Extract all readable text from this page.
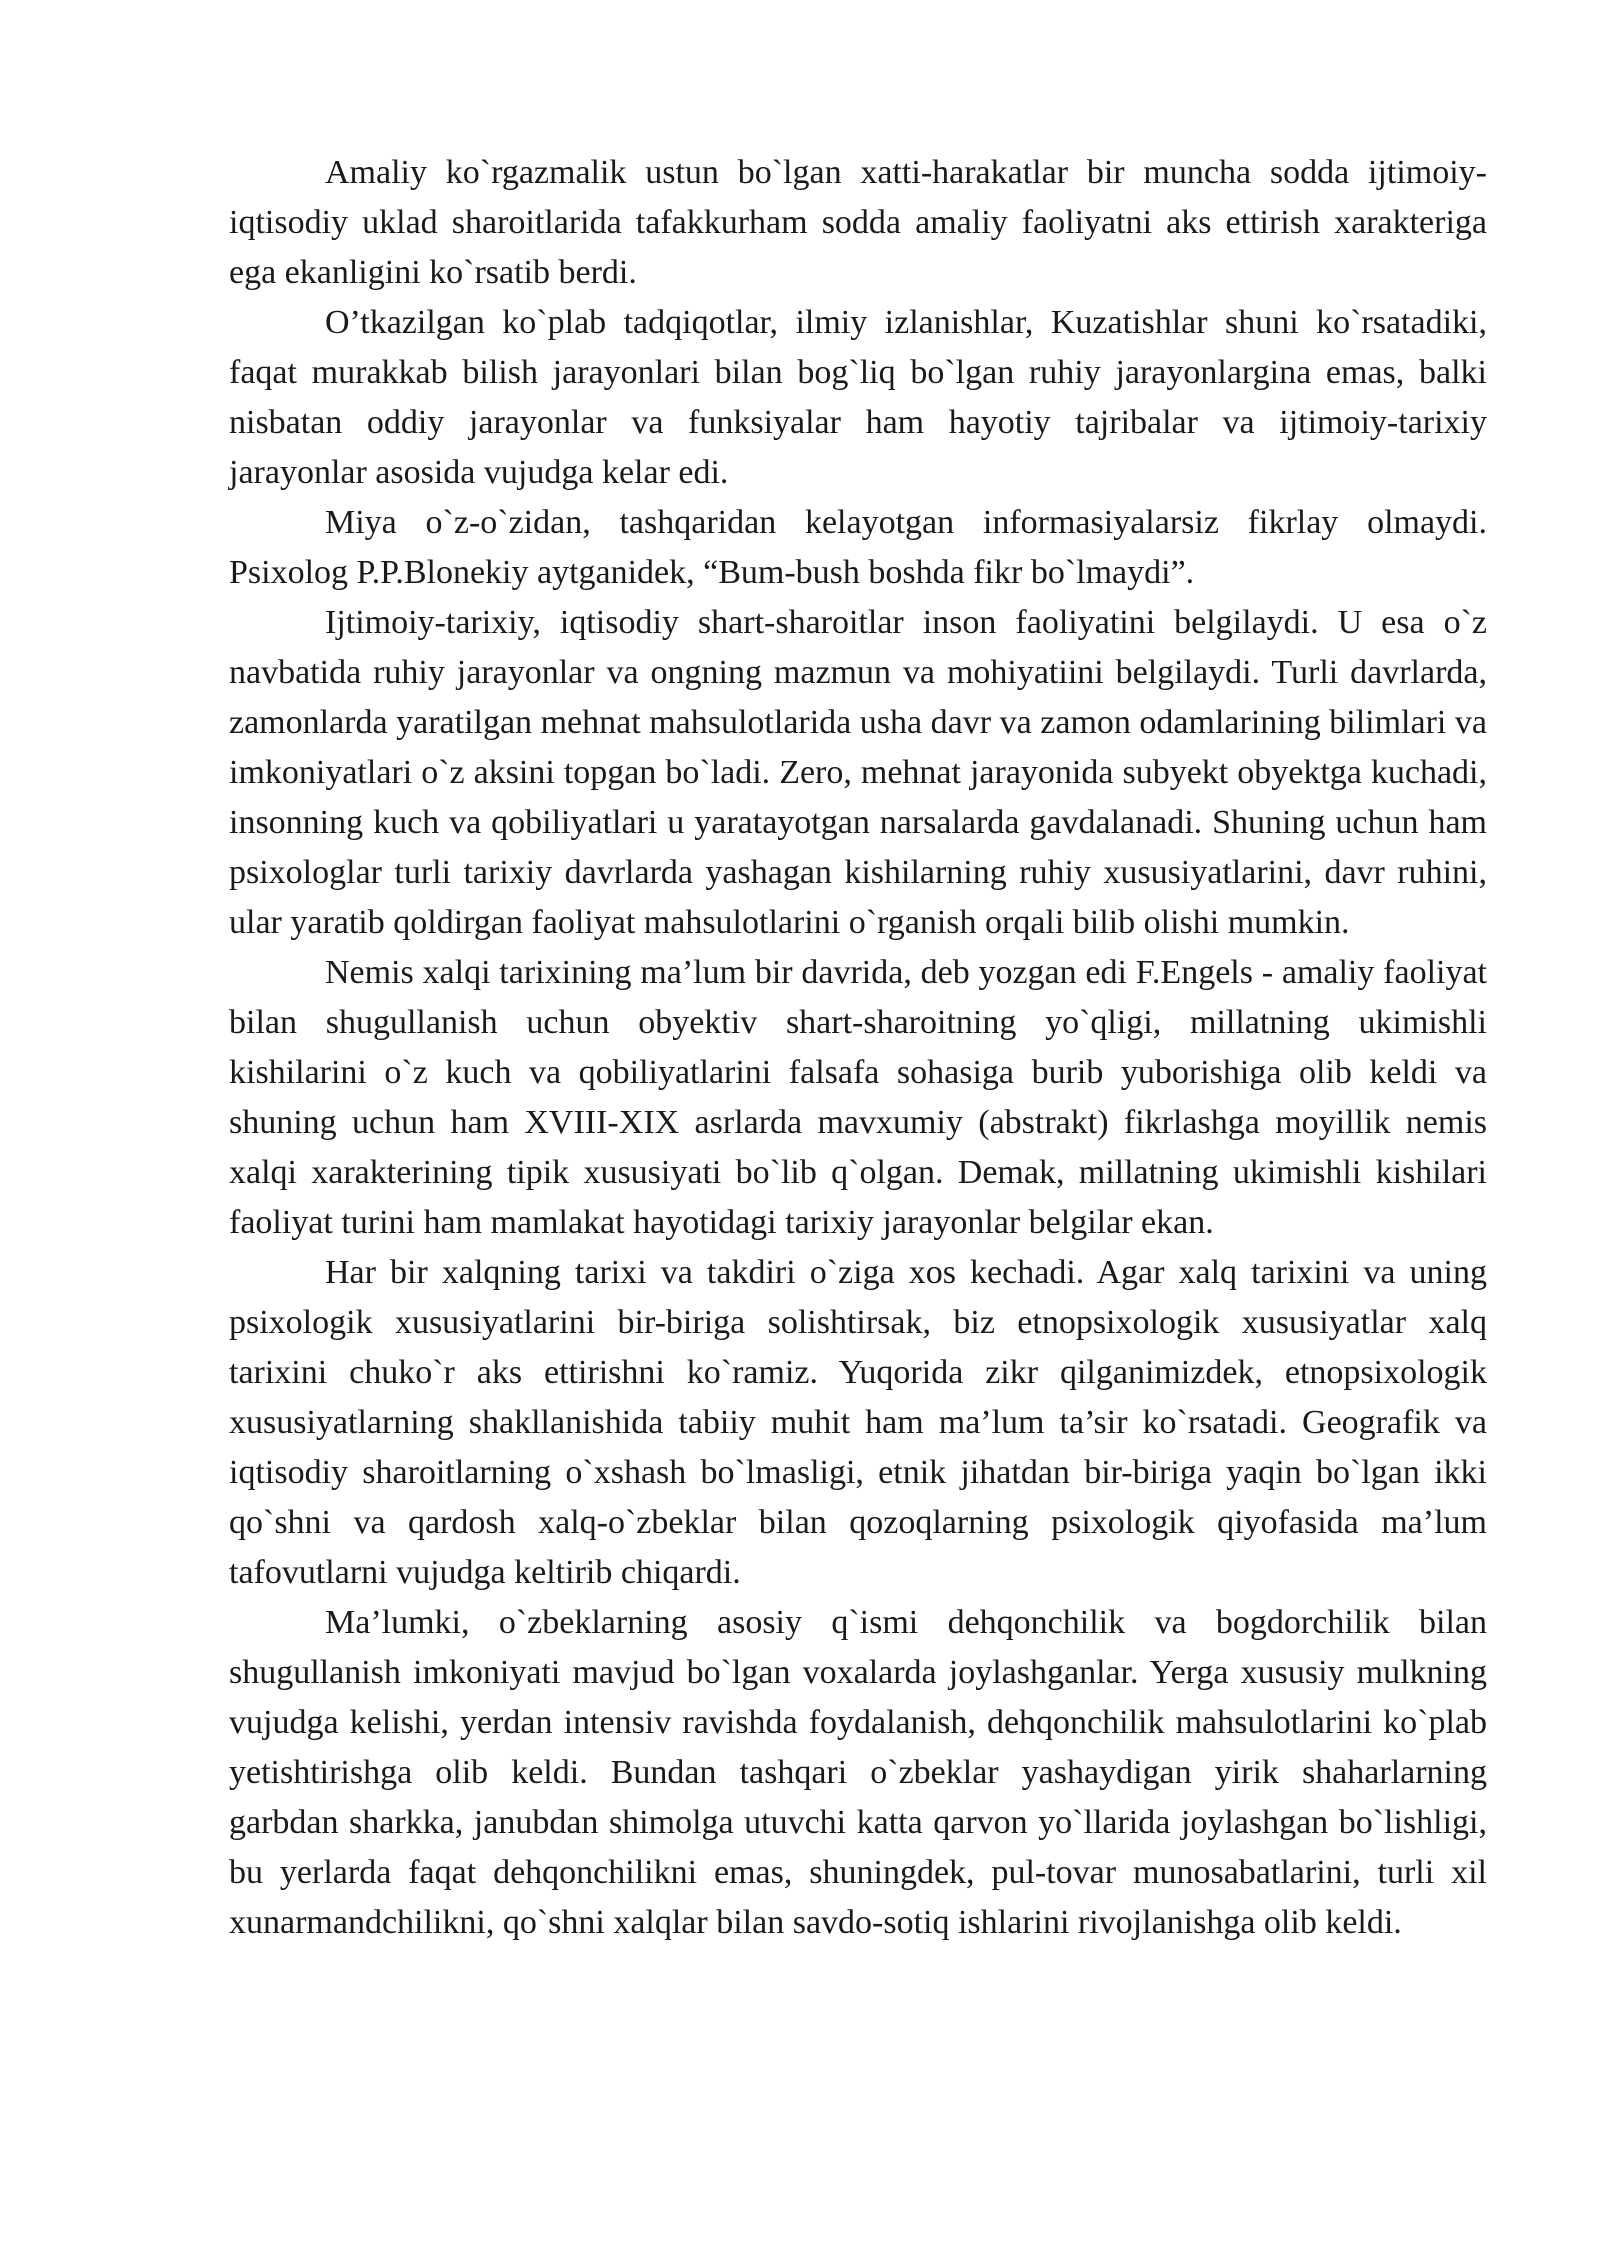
Amaliy ko`rgazmalik ustun bo`lgan xatti-harakatlar bir muncha sodda ijtimoiy-iqtisodiy uklad sharoitlarida tafakkurham sodda amaliy faoliyatni aks ettirish xarakteriga ega ekanligini ko`rsatib berdi.

O’tkazilgan ko`plab tadqiqotlar, ilmiy izlanishlar, Kuzatishlar shuni ko`rsatadiki, faqat murakkab bilish jarayonlari bilan bog`liq bo`lgan ruhiy jarayonlargina emas, balki nisbatan oddiy jarayonlar va funksiyalar ham hayotiy tajribalar va ijtimoiy-tarixiy jarayonlar asosida vujudga kelar edi.

Miya o`z-o`zidan, tashqaridan kelayotgan informasiyalarsiz fikrlay olmaydi. Psixolog P.P.Blonekiy aytganidek, “Bum-bush boshda fikr bo`lmaydi”.

Ijtimoiy-tarixiy, iqtisodiy shart-sharoitlar inson faoliyatini belgilaydi. U esa o`z navbatida ruhiy jarayonlar va ongning mazmun va mohiyatiini belgilaydi. Turli davrlarda, zamonlarda yaratilgan mehnat mahsulotlarida usha davr va zamon odamlarining bilimlari va imkoniyatlari o`z aksini topgan bo`ladi. Zero, mehnat jarayonida subyekt obyektga kuchadi, insonning kuch va qobiliyatlari u yaratayotgan narsalarda gavdalanadi. Shuning uchun ham psixologlar turli tarixiy davrlarda yashagan kishilarning ruhiy xususiyatlarini, davr ruhini, ular yaratib qoldirgan faoliyat mahsulotlarini o`rganish orqali bilib olishi mumkin.

Nemis xalqi tarixining ma’lum bir davrida, deb yozgan edi F.Engels - amaliy faoliyat bilan shugullanish uchun obyektiv shart-sharoitning yo`qligi, millatning ukimishli kishilarini o`z kuch va qobiliyatlarini falsafa sohasiga burib yuborishiga olib keldi va shuning uchun ham XVIII-XIX asrlarda mavxumiy (abstrakt) fikrlashga moyillik nemis xalqi xarakterining tipik xususiyati bo`lib q`olgan. Demak, millatning ukimishli kishilari faoliyat turini ham mamlakat hayotidagi tarixiy jarayonlar belgilar ekan.

Har bir xalqning tarixi va takdiri o`ziga xos kechadi. Agar xalq tarixini va uning psixologik xususiyatlarini bir-biriga solishtirsak, biz etnopsixologik xususiyatlar xalq tarixini chuko`r aks ettirishni ko`ramiz. Yuqorida zikr qilganimizdek, etnopsixologik xususiyatlarning shakllanishida tabiiy muhit ham ma’lum ta’sir ko`rsatadi. Geografik va iqtisodiy sharoitlarning o`xshash bo`lmasligi, etnik jihatdan bir-biriga yaqin bo`lgan ikki qo`shni va qardosh xalq-o`zbeklar bilan qozoqlarning psixologik qiyofasida ma’lum tafovutlarni vujudga keltirib chiqardi.

Ma’lumki, o`zbeklarning asosiy q`ismi dehqonchilik va bogdorchilik bilan shugullanish imkoniyati mavjud bo`lgan voxalarda joylashganlar. Yerga xususiy mulkning vujudga kelishi, yerdan intensiv ravishda foydalanish, dehqonchilik mahsulotlarini ko`plab yetishtirishga olib keldi. Bundan tashqari o`zbeklar yashaydigan yirik shaharlarning garbdan sharkka, janubdan shimolga utuvchi katta qarvon yo`llarida joylashgan bo`lishligi, bu yerlarda faqat dehqonchilikni emas, shuningdek, pul-tovar munosabatlarini, turli xil xunarmandchilikni, qo`shni xalqlar bilan savdo-sotiq ishlarini rivojlanishga olib keldi.
